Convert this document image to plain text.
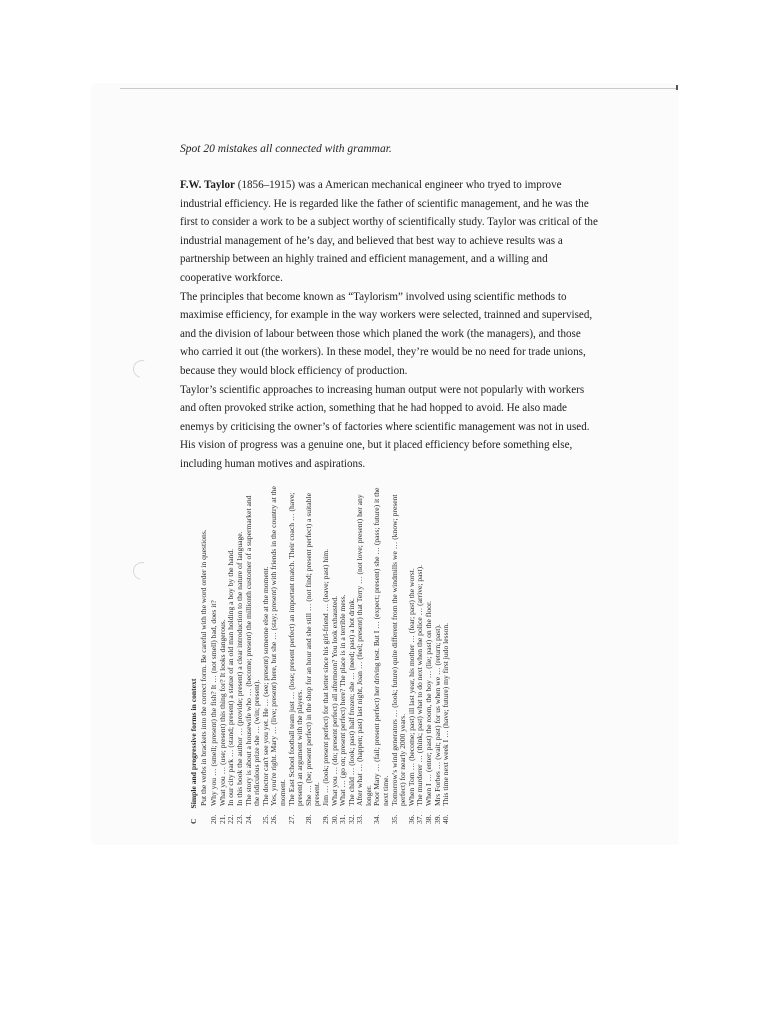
Spot 20 mistakes all connected with grammar.

F.W. Taylor (1856–1915) was a American mechanical engineer who tryed to improve industrial efficiency. He is regarded like the father of scientific management, and he was the first to consider a work to be a subject worthy of scientifically study. Taylor was critical of the industrial management of he’s day, and believed that best way to achieve results was a partnership between an highly trained and efficient management, and a willing and cooperative workforce.

The principles that become known as “Taylorism” involved using scientific methods to maximise efficiency, for example in the way workers were selected, trainned and supervised, and the division of labour between those which planed the work (the managers), and those who carried it out (the workers). In these model, they’re would be no need for trade unions, because they would block efficiency of production.

Taylor’s scientific approaches to increasing human output were not popularly with workers and often provoked strike action, something that he had hopped to avoid. He also made enemys by criticising the owner’s of factories where scientific management was not in used. His vision of progress was a genuine one, but it placed efficiency before something else, including human motives and aspirations.

C
Simple and progressive forms in context Put the verbs in brackets into the correct form. Be careful with the word order in questions.

20.
Why you … (smell; present) the fish? It … (not smell) bad, does it?
21.
What you … (use; present) this thing for? It looks dangerous.
22.
In our city park … (stand; present) a statue of an old man holding a boy by the hand.
23.
In this book the author … (provide; present) a clear introduction to the nature of language.
24.
The story is about a housewife who … (become; present) the millionth customer of a supermarket and the ridiculous prize she … (win; present).
25.
The doctor can't see you yet. He … (see; present) someone else at the moment.
26.
Yes, you're right. Mary … (live; present) here, but she … (stay; present) with friends in the country at the moment.
27.
The East School football team just … (lose; present perfect) an important match. Their coach … (have; present) an argument with the players.
28.
She … (be; present perfect) in the shop for an hour and she still … (not find; present perfect) a suitable present.
29.
Jim … (look; present perfect) for that letter since his girl-friend … (leave; past) him.
30.
What you … (do; present perfect) all afternoon? You look exhausted.
31.
What … (go on; present perfect) here? The place is in a terrible mess.
32.
The child … (look; past) half frozen; she … (need; past) a hot drink.
33.
After what … (happen; past) last night, Joan … (feel; present) that Terry … (not love; present) her any longer.
34.
Poor Mary … (fail; present perfect) her driving test. But I … (expect; present) she … (pass; future) it the next time.
35.
Tomorrow's wind generators … (look; future) quite different from the windmills we … (know; present perfect) for nearly 2000 years.
36.
When Tom … (become; past) ill last year, his mother … (fear; past) the worst.
37.
The murderer … (think; past) what to do next when the police … (arrive; past).
38.
When I … (enter; past) the room, the boy … (lie; past) on the floor.
39.
Mrs Forbes … (wait; past) for us when we … (return; past).
40.
This time next week I … (have; future) my first judo lesson.
